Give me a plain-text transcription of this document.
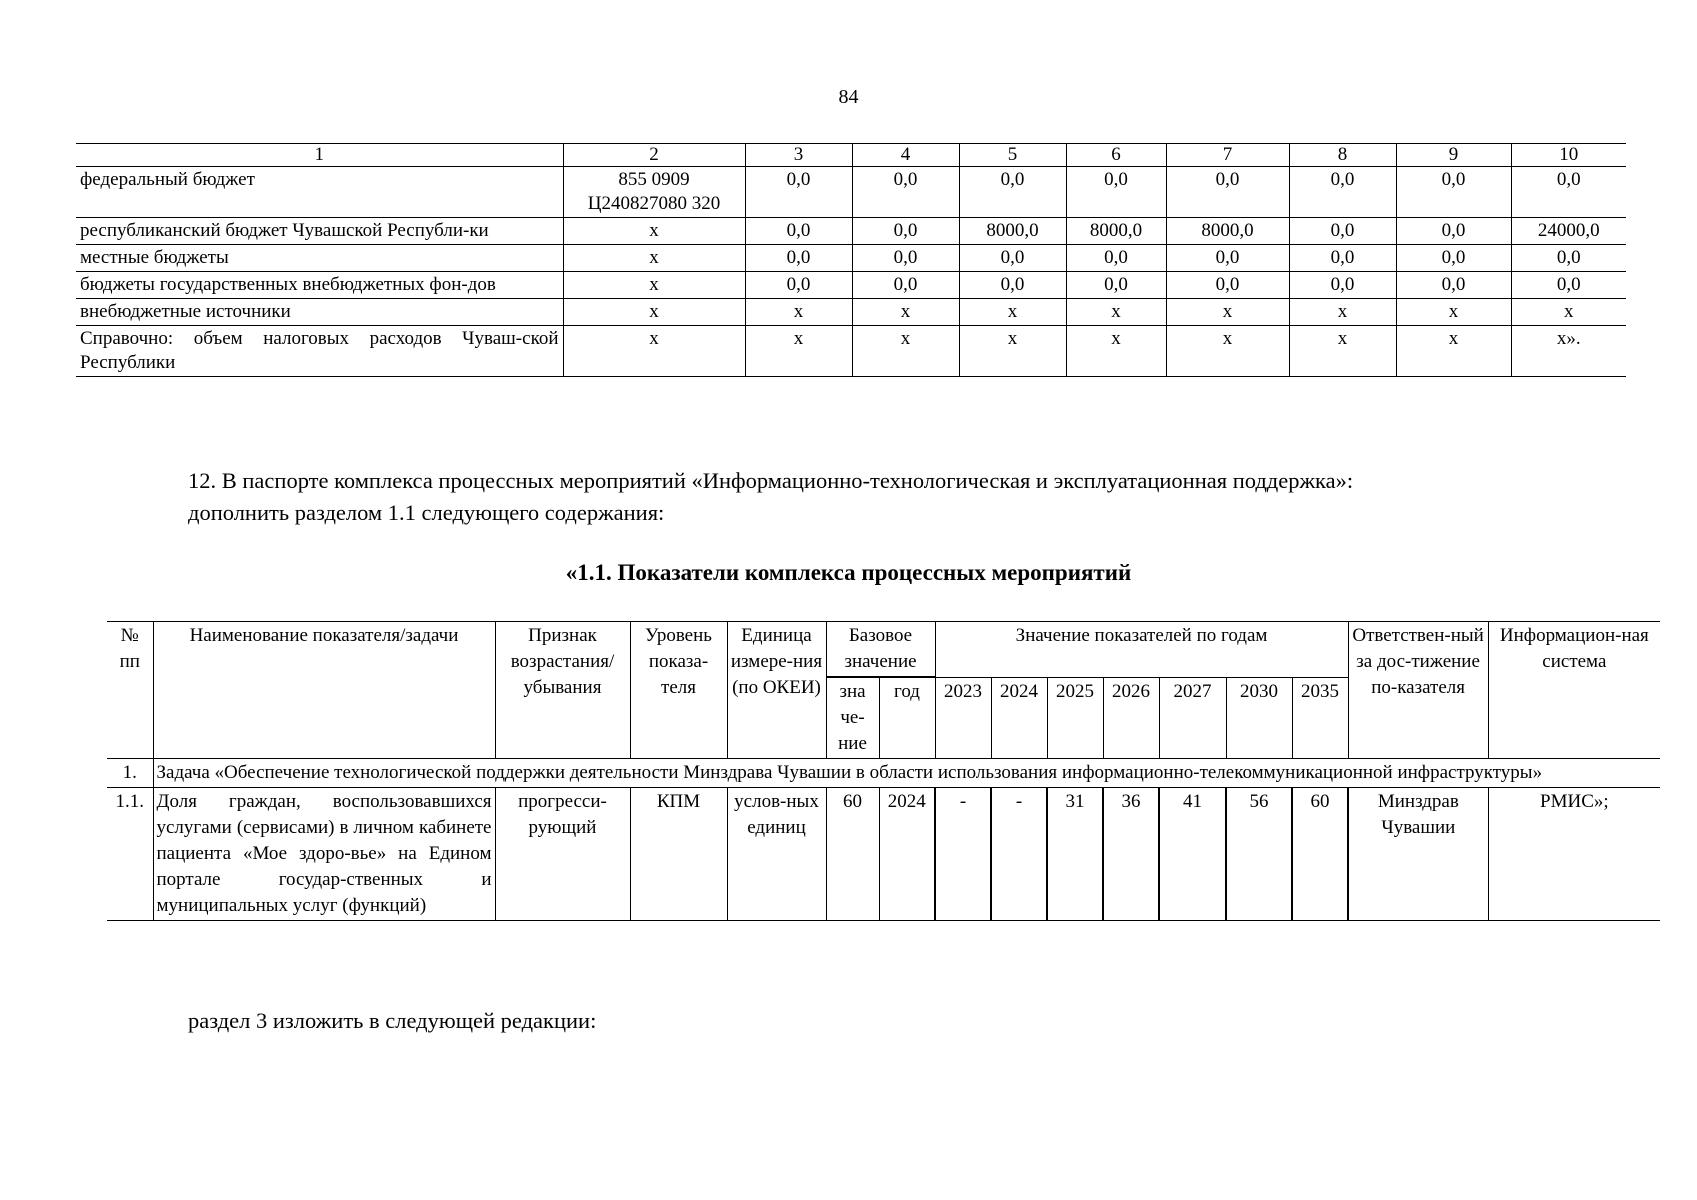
84
1	2	3	4	5	6	7	8	9	10
федеральный бюджет	855 0909 Ц240827080 320	0,0	0,0	0,0	0,0	0,0	0,0	0,0	0,0
республиканский бюджет Чувашской Республи-ки	х	0,0	0,0	8000,0	8000,0	8000,0	0,0	0,0	24000,0
местные бюджеты	х	0,0	0,0	0,0	0,0	0,0	0,0	0,0	0,0
бюджеты государственных внебюджетных фон-дов	х	0,0	0,0	0,0	0,0	0,0	0,0	0,0	0,0
внебюджетные источники	х	х	х	х	х	х	х	х	х
Справочно: объем налоговых расходов Чуваш-ской Республики	х	х	х	х	х	х	х	х	х».
12. В паспорте комплекса процессных мероприятий «Информационно-технологическая и эксплуатационная поддержка»:
дополнить разделом 1.1 следующего содержания:
«1.1. Показатели комплекса процессных мероприятий
№ пп	Наименование показателя/задачи	Признак возрастания/ убывания	Уровень показа-теля	Единица измере-ния (по ОКЕИ)	Базовое значение		Значение показателей по годам							Ответствен-ный за дос-тижение по-казателя	Информацион-ная система

					зна че-ние	год	2023	2024	2025	2026	2027	2030	2035		
1.	Задача «Обеспечение технологической поддержки деятельности Минздрава Чувашии в области использования информационно-телекоммуникационной инфраструктуры»														
1.1.	Доля граждан, воспользовавшихся услугами (сервисами) в личном кабинете пациента «Мое здоро-вье» на Едином портале государ-ственных и муниципальных услуг (функций)	прогресси-рующий	КПМ	услов-ных единиц	60	2024	-	-	31	36	41	56	60	Минздрав Чувашии	РМИС»;
раздел 3 изложить в следующей редакции:
